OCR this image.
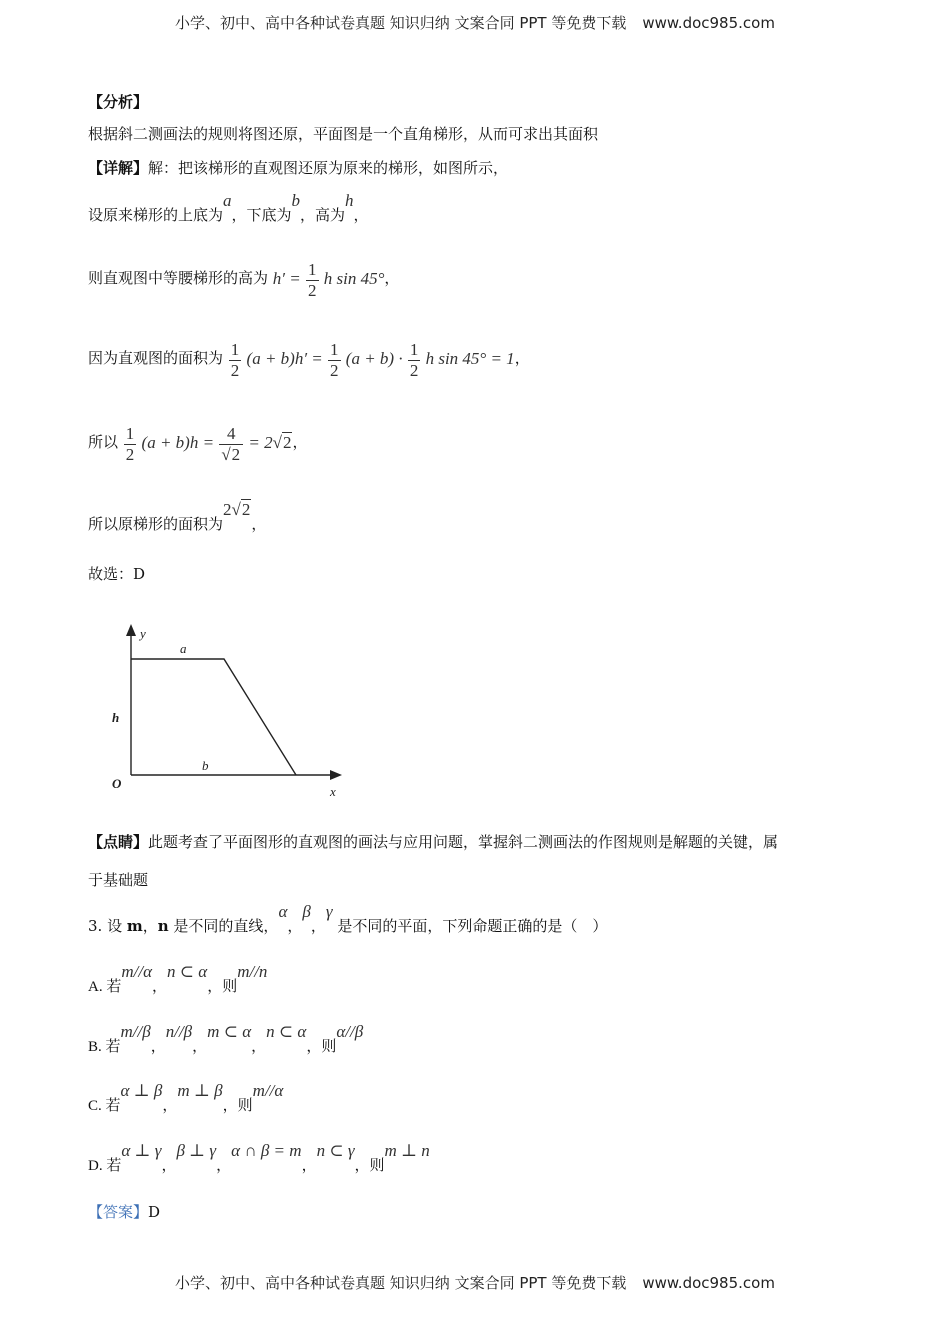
小学、初中、高中各种试卷真题 知识归纳 文案合同 PPT 等免费下载 www.doc985.com
【分析】
根据斜二测画法的规则将图还原，平面图是一个直角梯形，从而可求出其面积
【详解】解：把该梯形的直观图还原为原来的梯形，如图所示，
设原来梯形的上底为a，下底为b，高为h，
则直观图中等腰梯形的高为 $h' = \frac{1}{2}$ h sin 45°，
因为直观图的面积为 $\frac{1}{2} (a + b)h' = \frac{1}{2} (a + b) \cdot \frac{1}{2}$ h sin 45° = 1，
所以 $\frac{1}{2} (a + b)h = \frac{4}{√2} = 2√2$，
所以原梯形的面积为2√2，
故选：D
y
x
O
a
b
h
【点睛】此题考查了平面图形的直观图的画法与应用问题，掌握斜二测画法的作图规则是解题的关键，属
于基础题
3. 设 m，n 是不同的直线，α，β，γ 是不同的平面，下列命题正确的是（　）
A. 若m//α，n ⊂ α，则m//n
B. 若m//β，n//β，m ⊂ α，n ⊂ α，则α//β
C. 若α ⊥ β，m ⊥ β，则m//α
D. 若α ⊥ γ，β ⊥ γ，α ∩ β = m，n ⊂ γ，则m ⊥ n
【答案】D
小学、初中、高中各种试卷真题 知识归纳 文案合同 PPT 等免费下载 www.doc985.com
